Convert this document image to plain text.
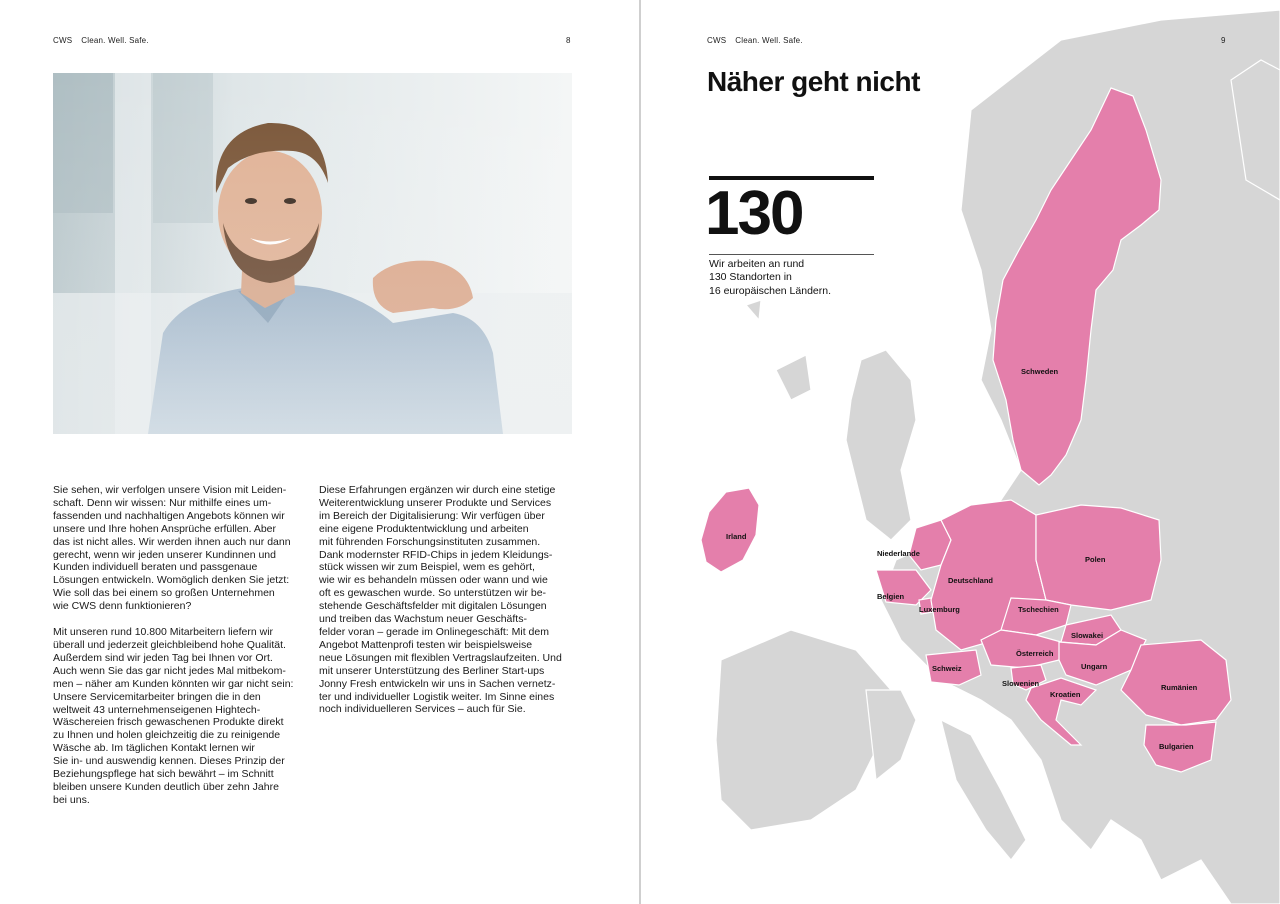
CWS Clean. Well. Safe.	8

Sie sehen, wir verfolgen unsere Vision mit Leiden-
schaft. Denn wir wissen: Nur mithilfe eines um-
fassenden und nachhaltigen Angebots können wir
unsere und Ihre hohen Ansprüche erfüllen. Aber
das ist nicht alles. Wir werden ihnen auch nur dann
gerecht, wenn wir jeden unserer Kundinnen und
Kunden individuell beraten und passgenaue
Lösungen entwickeln. Womöglich denken Sie jetzt:
Wie soll das bei einem so großen Unternehmen
wie CWS denn funktionieren?

Mit unseren rund 10.800 Mitarbeitern liefern wir
überall und jederzeit gleichbleibend hohe Qualität.
Außerdem sind wir jeden Tag bei Ihnen vor Ort.
Auch wenn Sie das gar nicht jedes Mal mitbekom-
men – näher am Kunden könnten wir gar nicht sein:
Unsere Servicemitarbeiter bringen die in den
weltweit 43 unternehmenseigenen Hightech-
Wäschereien frisch gewaschenen Produkte direkt
zu Ihnen und holen gleichzeitig die zu reinigende
Wäsche ab. Im täglichen Kontakt lernen wir
Sie in- und auswendig kennen. Dieses Prinzip der
Beziehungspflege hat sich bewährt – im Schnitt
bleiben unsere Kunden deutlich über zehn Jahre
bei uns.

Diese Erfahrungen ergänzen wir durch eine stetige
Weiterentwicklung unserer Produkte und Services
im Bereich der Digitalisierung: Wir verfügen über
eine eigene Produktentwicklung und arbeiten
mit führenden Forschungsinstituten zusammen.
Dank modernster RFID-Chips in jedem Kleidungs-
stück wissen wir zum Beispiel, wem es gehört,
wie wir es behandeln müssen oder wann und wie
oft es gewaschen wurde. So unterstützen wir be-
stehende Geschäftsfelder mit digitalen Lösungen
und treiben das Wachstum neuer Geschäfts-
felder voran – gerade im Onlinegeschäft: Mit dem
Angebot Mattenprofi testen wir beispielsweise
neue Lösungen mit flexiblen Vertragslaufzeiten. Und
mit unserer Unterstützung des Berliner Start-ups
Jonny Fresh entwickeln wir uns in Sachen vernetz-
ter und individueller Logistik weiter. Im Sinne eines
noch individuelleren Services – auch für Sie.

CWS Clean. Well. Safe.	9
Näher geht nicht
130
Wir arbeiten an rund
130 Standorten in
16 europäischen Ländern.
Schweden
Irland
Niederlande
Belgien
Deutschland
Polen
Luxemburg	Tschechien
Slowakei
Österreich
Schweiz	Ungarn
Slowenien	Rumänien
Kroatien
Bulgarien
